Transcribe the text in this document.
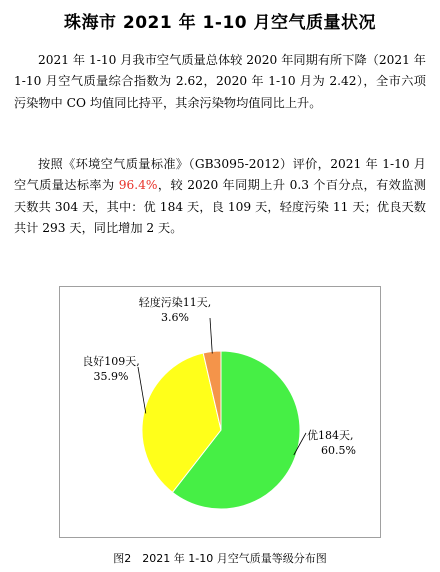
珠海市 2021 年 1-10 月空气质量状况
2021 年 1-10 月我市空气质量总体较 2020 年同期有所下降（2021 年 1-10 月空气质量综合指数为 2.62，2020 年 1-10 月为 2.42），全市六项污染物中 CO 均值同比持平，其余污染物均值同比上升。
按照《环境空气质量标准》（GB3095-2012）评价，2021 年 1-10 月空气质量达标率为 96.4%，较 2020 年同期上升 0.3 个百分点，有效监测天数共 304 天，其中：优 184 天，良 109 天，轻度污染 11 天；优良天数共计 293 天，同比增加 2 天。
优184天, 60.5%
良好109天, 35.9%
轻度污染11天, 3.6%
图2　2021 年 1-10 月空气质量等级分布图
